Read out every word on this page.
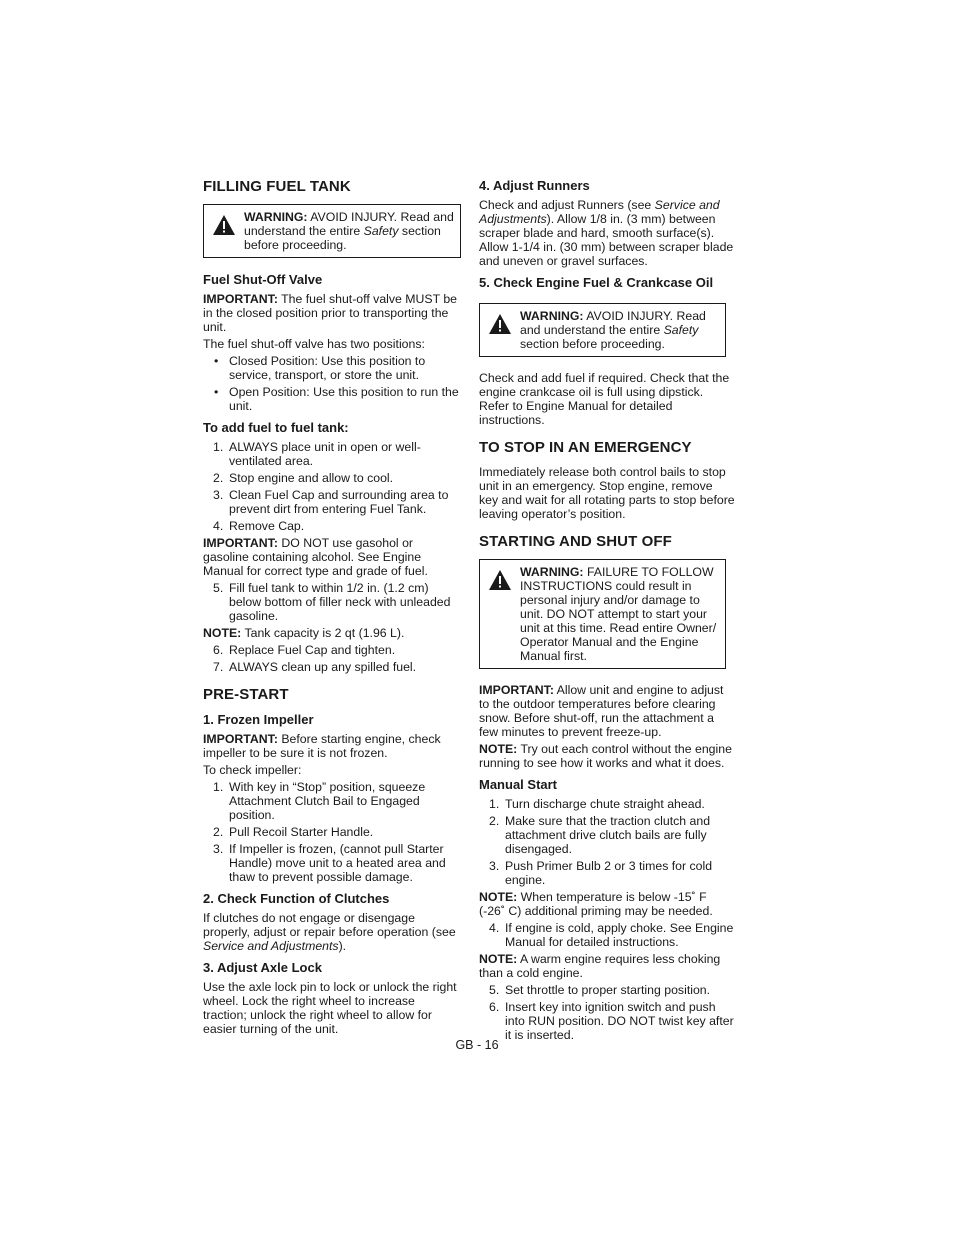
FILLING FUEL TANK
WARNING: AVOID INJURY. Read and understand the entire Safety section before proceeding.
Fuel Shut-Off Valve

IMPORTANT: The fuel shut-off valve MUST be in the closed position prior to transporting the unit.

The fuel shut-off valve has two positions:

• Closed Position: Use this position to service, transport, or store the unit.
• Open Position: Use this position to run the unit.
To add fuel to fuel tank:
1. ALWAYS place unit in open or well-ventilated area.
2. Stop engine and allow to cool.
3. Clean Fuel Cap and surrounding area to prevent dirt from entering Fuel Tank.
4. Remove Cap.

IMPORTANT: DO NOT use gasohol or gasoline containing alcohol. See Engine Manual for correct type and grade of fuel.

5. Fill fuel tank to within 1/2 in. (1.2 cm) below bottom of filler neck with unleaded gasoline.

NOTE: Tank capacity is 2 qt (1.96 L).

6. Replace Fuel Cap and tighten.
7. ALWAYS clean up any spilled fuel.
PRE-START
1. Frozen Impeller

IMPORTANT: Before starting engine, check impeller to be sure it is not frozen.

To check impeller:

1. With key in “Stop” position, squeeze Attachment Clutch Bail to Engaged position.
2. Pull Recoil Starter Handle.
3. If Impeller is frozen, (cannot pull Starter Handle) move unit to a heated area and thaw to prevent possible damage.
2. Check Function of Clutches

If clutches do not engage or disengage properly, adjust or repair before operation (see Service and Adjustments).

3. Adjust Axle Lock

Use the axle lock pin to lock or unlock the right wheel. Lock the right wheel to increase traction; unlock the right wheel to allow for easier turning of the unit.

4. Adjust Runners

Check and adjust Runners (see Service and Adjustments). Allow 1/8 in. (3 mm) between scraper blade and hard, smooth surface(s). Allow 1-1/4 in. (30 mm) between scraper blade and uneven or gravel surfaces.

5. Check Engine Fuel & Crankcase Oil
WARNING: AVOID INJURY. Read and understand the entire Safety section before proceeding.

Check and add fuel if required. Check that the engine crankcase oil is full using dipstick. Refer to Engine Manual for detailed instructions.

TO STOP IN AN EMERGENCY

Immediately release both control bails to stop unit in an emergency. Stop engine, remove key and wait for all rotating parts to stop before leaving operator’s position.

STARTING AND SHUT OFF
WARNING: FAILURE TO FOLLOW INSTRUCTIONS could result in personal injury and/or damage to unit. DO NOT attempt to start your unit at this time. Read entire Owner/ Operator Manual and the Engine Manual first.

IMPORTANT: Allow unit and engine to adjust to the outdoor temperatures before clearing snow. Before shut-off, run the attachment a few minutes to prevent freeze-up.

NOTE: Try out each control without the engine running to see how it works and what it does.

Manual Start
1. Turn discharge chute straight ahead.
2. Make sure that the traction clutch and attachment drive clutch bails are fully disengaged.
3. Push Primer Bulb 2 or 3 times for cold engine.

NOTE: When temperature is below -15˚ F (-26˚ C) additional priming may be needed.

4. If engine is cold, apply choke. See Engine Manual for detailed instructions.

NOTE: A warm engine requires less choking than a cold engine.

5. Set throttle to proper starting position.
6. Insert key into ignition switch and push into RUN position. DO NOT twist key after it is inserted.
GB - 16
